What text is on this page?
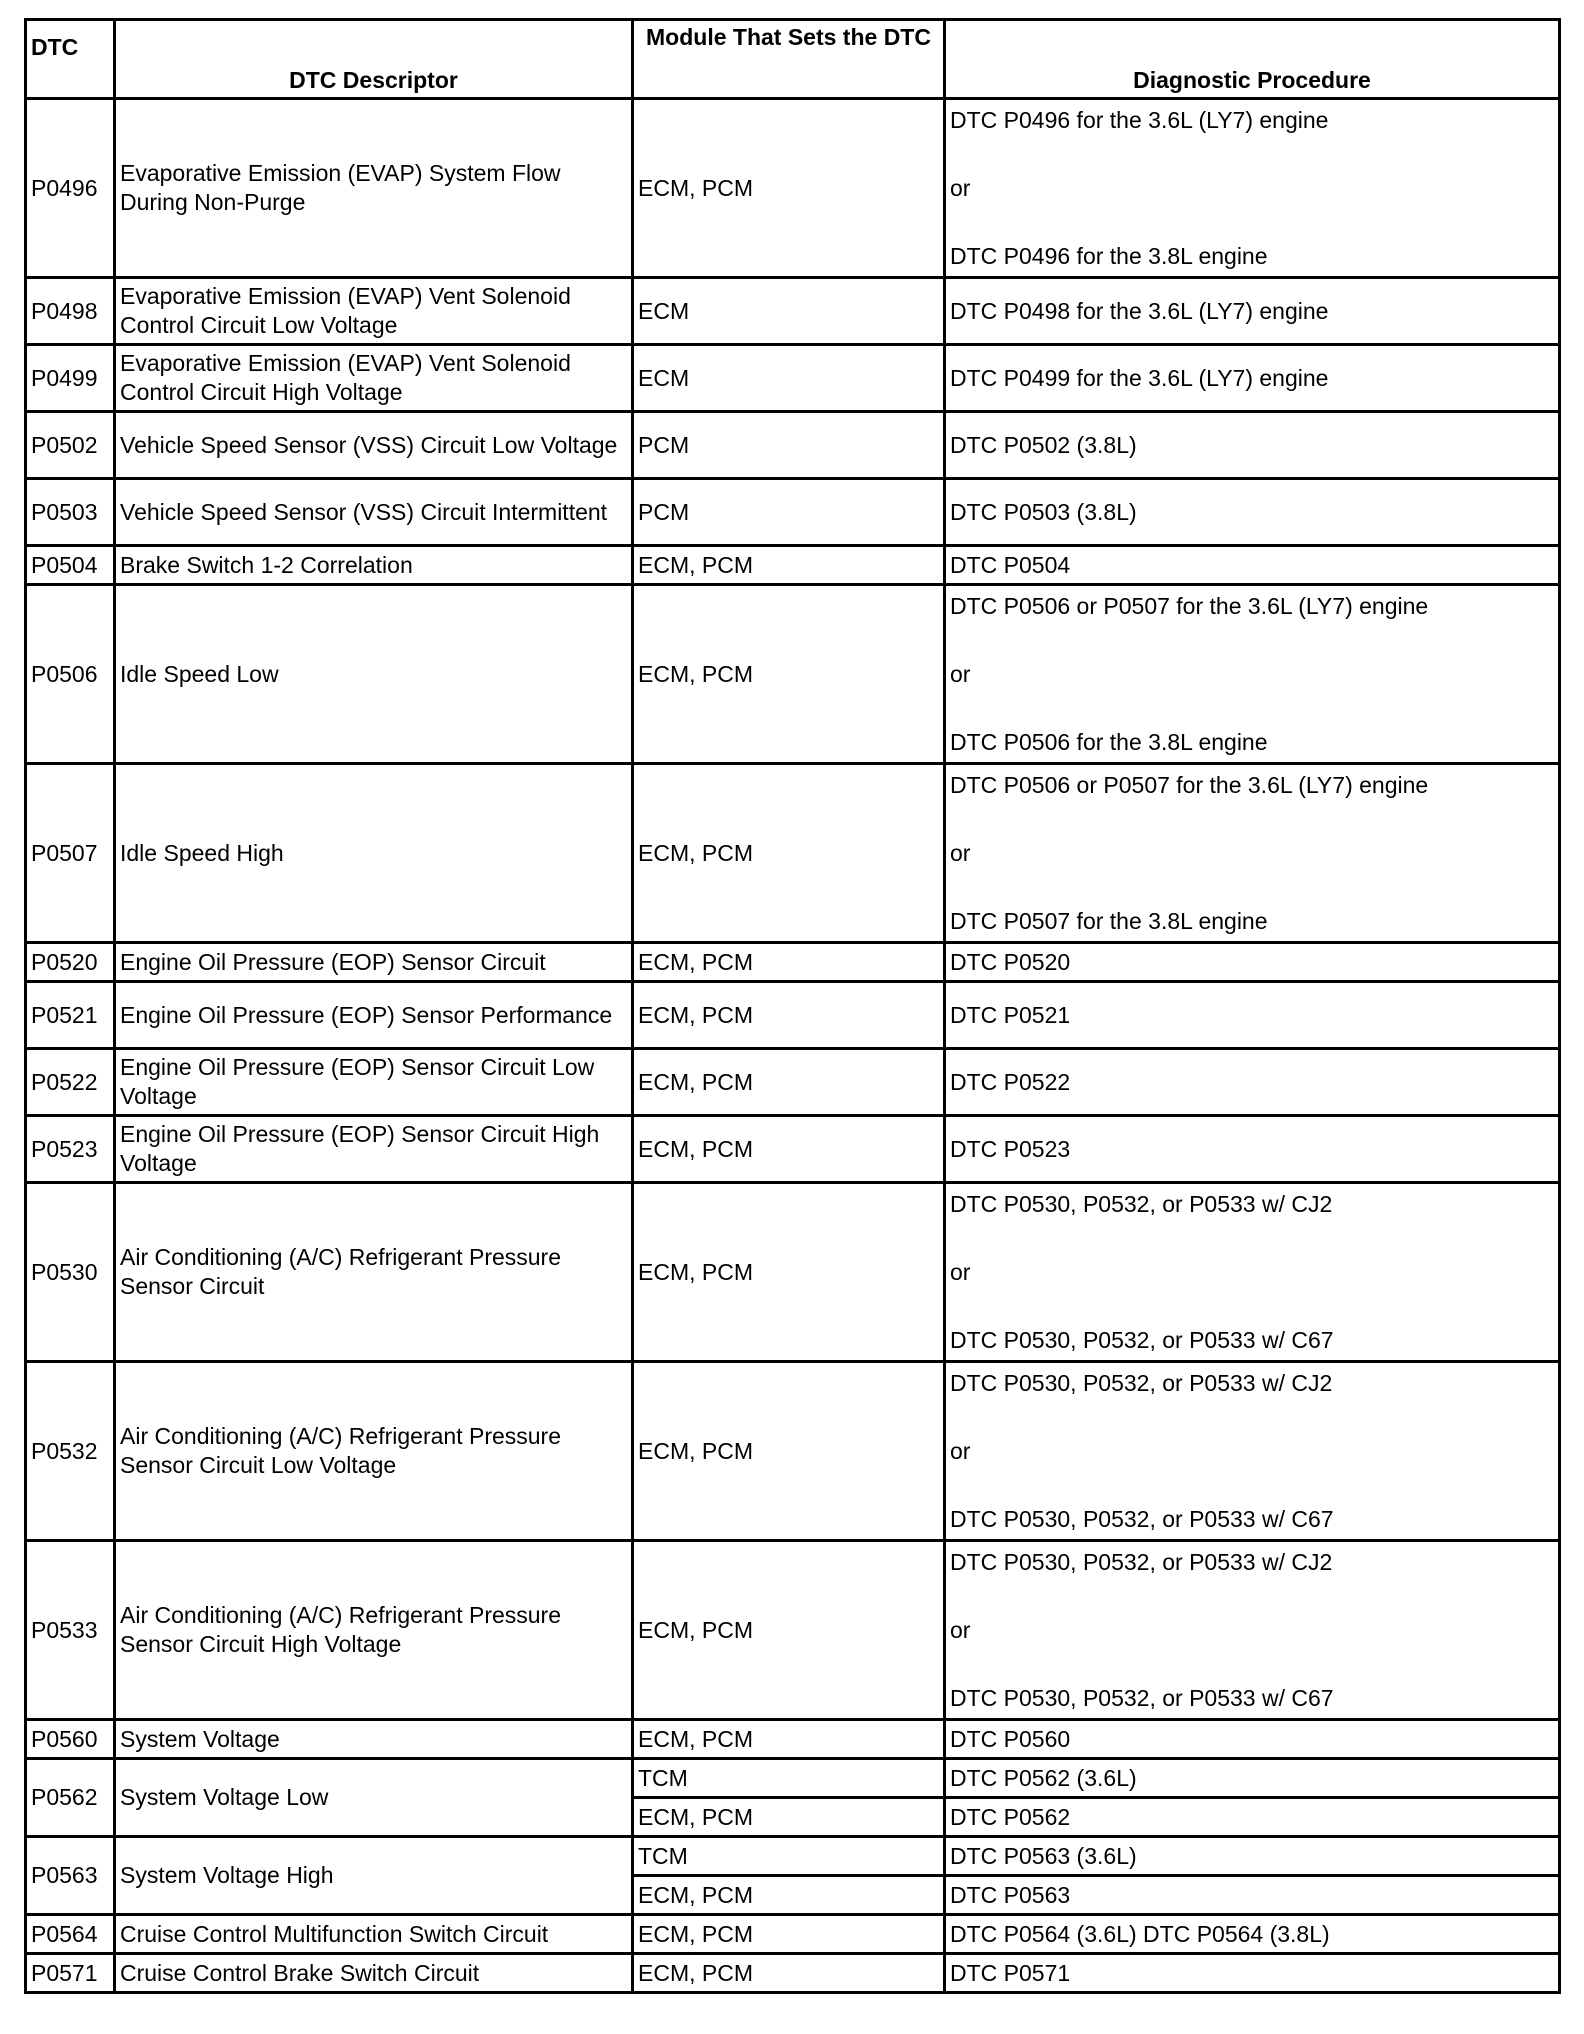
DTC	DTC Descriptor	Module That Sets the DTC	Diagnostic Procedure
P0496	Evaporative Emission (EVAP) System Flow During Non-Purge	ECM, PCM	DTC P0496 for the 3.6L (LY7) engine
or
DTC P0496 for the 3.8L engine

P0498	Evaporative Emission (EVAP) Vent Solenoid Control Circuit Low Voltage	ECM	DTC P0498 for the 3.6L (LY7) engine
P0499	Evaporative Emission (EVAP) Vent Solenoid Control Circuit High Voltage	ECM	DTC P0499 for the 3.6L (LY7) engine
P0502	Vehicle Speed Sensor (VSS) Circuit Low Voltage	PCM	DTC P0502 (3.8L)
P0503	Vehicle Speed Sensor (VSS) Circuit Intermittent	PCM	DTC P0503 (3.8L)
P0504	Brake Switch 1-2 Correlation	ECM, PCM	DTC P0504
P0506	Idle Speed Low	ECM, PCM	DTC P0506 or P0507 for the 3.6L (LY7) engine
or
DTC P0506 for the 3.8L engine

P0507	Idle Speed High	ECM, PCM	DTC P0506 or P0507 for the 3.6L (LY7) engine
or
DTC P0507 for the 3.8L engine

P0520	Engine Oil Pressure (EOP) Sensor Circuit	ECM, PCM	DTC P0520
P0521	Engine Oil Pressure (EOP) Sensor Performance	ECM, PCM	DTC P0521
P0522	Engine Oil Pressure (EOP) Sensor Circuit Low Voltage	ECM, PCM	DTC P0522
P0523	Engine Oil Pressure (EOP) Sensor Circuit High Voltage	ECM, PCM	DTC P0523
P0530	Air Conditioning (A/C) Refrigerant Pressure Sensor Circuit	ECM, PCM	DTC P0530, P0532, or P0533 w/ CJ2
or
DTC P0530, P0532, or P0533 w/ C67

P0532	Air Conditioning (A/C) Refrigerant Pressure Sensor Circuit Low Voltage	ECM, PCM	DTC P0530, P0532, or P0533 w/ CJ2
or
DTC P0530, P0532, or P0533 w/ C67

P0533	Air Conditioning (A/C) Refrigerant Pressure Sensor Circuit High Voltage	ECM, PCM	DTC P0530, P0532, or P0533 w/ CJ2
or
DTC P0530, P0532, or P0533 w/ C67

P0560	System Voltage	ECM, PCM	DTC P0560
P0562	System Voltage Low	TCM	DTC P0562 (3.6L)
		ECM, PCM	DTC P0562
P0563	System Voltage High	TCM	DTC P0563 (3.6L)
		ECM, PCM	DTC P0563
P0564	Cruise Control Multifunction Switch Circuit	ECM, PCM	DTC P0564 (3.6L) DTC P0564 (3.8L)
P0571	Cruise Control Brake Switch Circuit	ECM, PCM	DTC P0571
